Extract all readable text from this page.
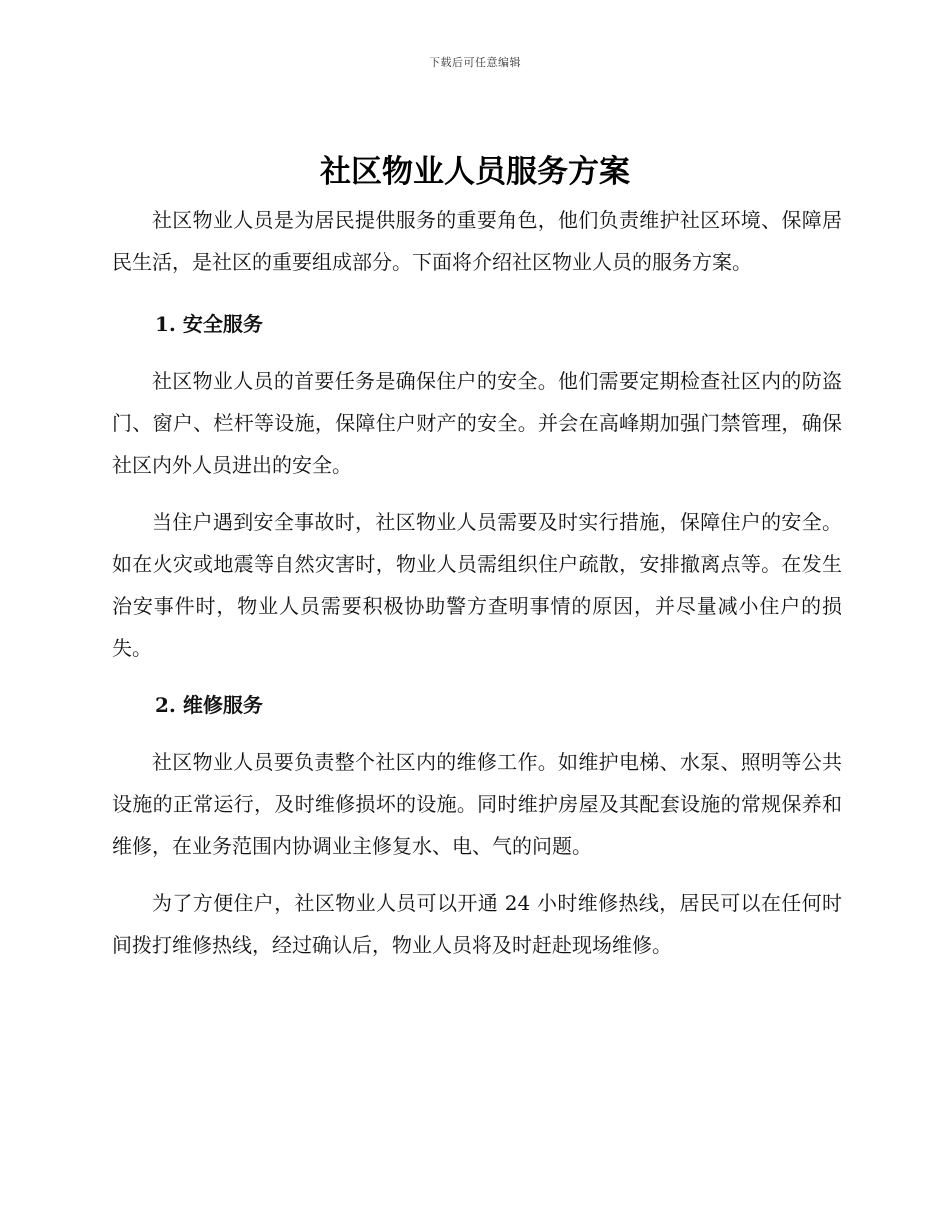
下载后可任意编辑
社区物业人员服务方案

社区物业人员是为居民提供服务的重要角色，他们负责维护社区环境、保障居民生活，是社区的重要组成部分。下面将介绍社区物业人员的服务方案。

1. 安全服务

社区物业人员的首要任务是确保住户的安全。他们需要定期检查社区内的防盗门、窗户、栏杆等设施，保障住户财产的安全。并会在高峰期加强门禁管理，确保社区内外人员进出的安全。

当住户遇到安全事故时，社区物业人员需要及时实行措施，保障住户的安全。如在火灾或地震等自然灾害时，物业人员需组织住户疏散，安排撤离点等。在发生治安事件时，物业人员需要积极协助警方查明事情的原因，并尽量减小住户的损失。

2. 维修服务

社区物业人员要负责整个社区内的维修工作。如维护电梯、水泵、照明等公共设施的正常运行，及时维修损坏的设施。同时维护房屋及其配套设施的常规保养和维修，在业务范围内协调业主修复水、电、气的问题。

为了方便住户，社区物业人员可以开通 24 小时维修热线，居民可以在任何时间拨打维修热线，经过确认后，物业人员将及时赶赴现场维修。
